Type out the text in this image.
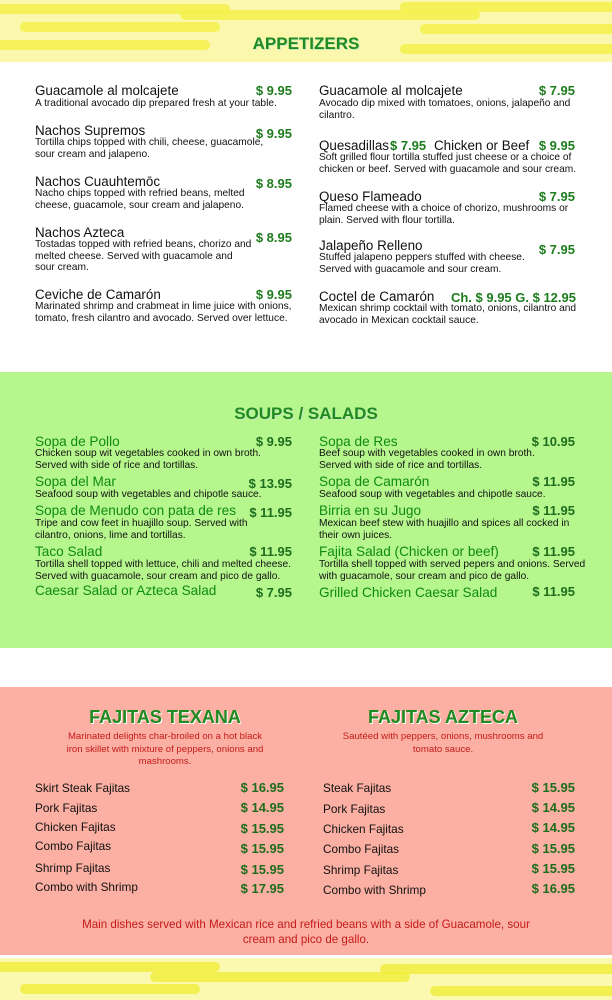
APPETIZERS
Guacamole al molcajete	$ 9.95
A traditional avocado dip prepared fresh at your table.
Nachos Supremos	$ 9.95
Tortilla chips topped with chili, cheese, guacamole, sour cream and jalapeno.
Nachos Cuauhtemōc	$ 8.95
Nacho chips topped with refried beans, melted cheese, guacamole, sour cream and jalapeno.
Nachos Azteca	$ 8.95
Tostadas topped with refried beans, chorizo and melted cheese. Served with guacamole and sour cream.
Ceviche de Camarón	$ 9.95
Marinated shrimp and crabmeat in lime juice with onions, tomato, fresh cilantro and avocado. Served over lettuce.
Guacamole al molcajete	$ 7.95
Avocado dip mixed with tomatoes, onions, jalapeño and cilantro.
Quesadillas $ 7.95 Chicken or Beef $ 9.95
Soft grilled flour tortilla stuffed just cheese or a choice of chicken or beef. Served with guacamole and sour cream.
Queso Flameado	$ 7.95
Flamed cheese with a choice of chorizo, mushrooms or plain. Served with flour tortilla.
Jalapeño Relleno	$ 7.95
Stuffed jalapeno peppers stuffed with cheese. Served with guacamole and sour cream.
Coctel de Camarón	Ch. $ 9.95 G. $ 12.95
Mexican shrimp cocktail with tomato, onions, cilantro and avocado in Mexican cocktail sauce.
SOUPS / SALADS
Sopa de Pollo	$ 9.95
Chicken soup wit vegetables cooked in own broth. Served with side of rice and tortillas.
Sopa del Mar	$ 13.95
Seafood soup with vegetables and chipotle sauce.
Sopa de Menudo con pata de res	$ 11.95
Tripe and cow feet in huajillo soup. Served with cilantro, onions, lime and tortillas.
Taco Salad	$ 11.95
Tortilla shell topped with lettuce, chili and melted cheese. Served with guacamole, sour cream and pico de gallo.
Caesar Salad or Azteca Salad	$ 7.95
Sopa de Res	$ 10.95
Beef soup with vegetables cooked in own broth. Served with side of rice and tortillas.
Sopa de Camarón	$ 11.95
Seafood soup with vegetables and chipotle sauce.
Birria en su Jugo	$ 11.95
Mexican beef stew with huajillo and spices all cocked in their own juices.
Fajita Salad (Chicken or beef)	$ 11.95
Tortilla shell topped with served pepers and onions. Served with guacamole, sour cream and pico de gallo.
Grilled Chicken Caesar Salad	$ 11.95
FAJITAS TEXANA
Marinated delights char-broiled on a hot black iron skillet with mixture of peppers, onions and mashrooms.
FAJITAS AZTECA
Sautéed with peppers, onions, mushrooms and tomato sauce.
Skirt Steak Fajitas	$ 16.95
Pork Fajitas	$ 14.95
Chicken Fajitas	$ 15.95
Combo Fajitas	$ 15.95
Shrimp Fajitas	$ 15.95
Combo with Shrimp	$ 17.95
Steak Fajitas	$ 15.95
Pork Fajitas	$ 14.95
Chicken Fajitas	$ 14.95
Combo Fajitas	$ 15.95
Shrimp Fajitas	$ 15.95
Combo with Shrimp	$ 16.95
Main dishes served with Mexican rice and refried beans with a side of Guacamole, sour cream and pico de gallo.
